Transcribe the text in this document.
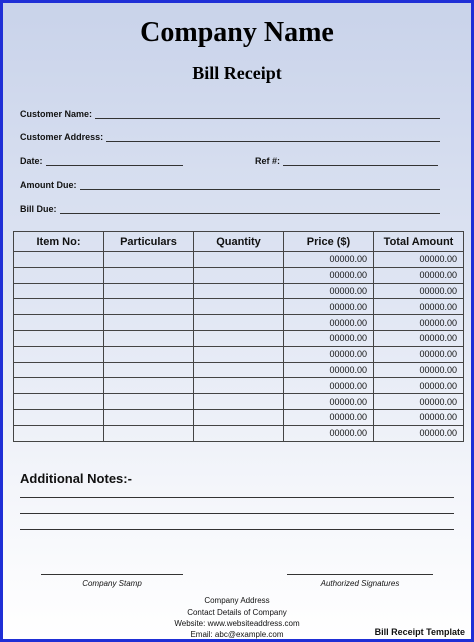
Company Name
Bill Receipt
Customer Name:
Customer Address:
Date:	Ref #:
Amount Due:
Bill Due:
Item No:	Particulars	Quantity	Price ($)	Total Amount
			00000.00	00000.00
			00000.00	00000.00
			00000.00	00000.00
			00000.00	00000.00
			00000.00	00000.00
			00000.00	00000.00
			00000.00	00000.00
			00000.00	00000.00
			00000.00	00000.00
			00000.00	00000.00
			00000.00	00000.00
			00000.00	00000.00
Additional Notes:-
Company Stamp	Authorized Signatures
Company Address
Contact Details of Company
Website: www.websiteaddress.com
Email: abc@example.com	Bill Receipt Template
